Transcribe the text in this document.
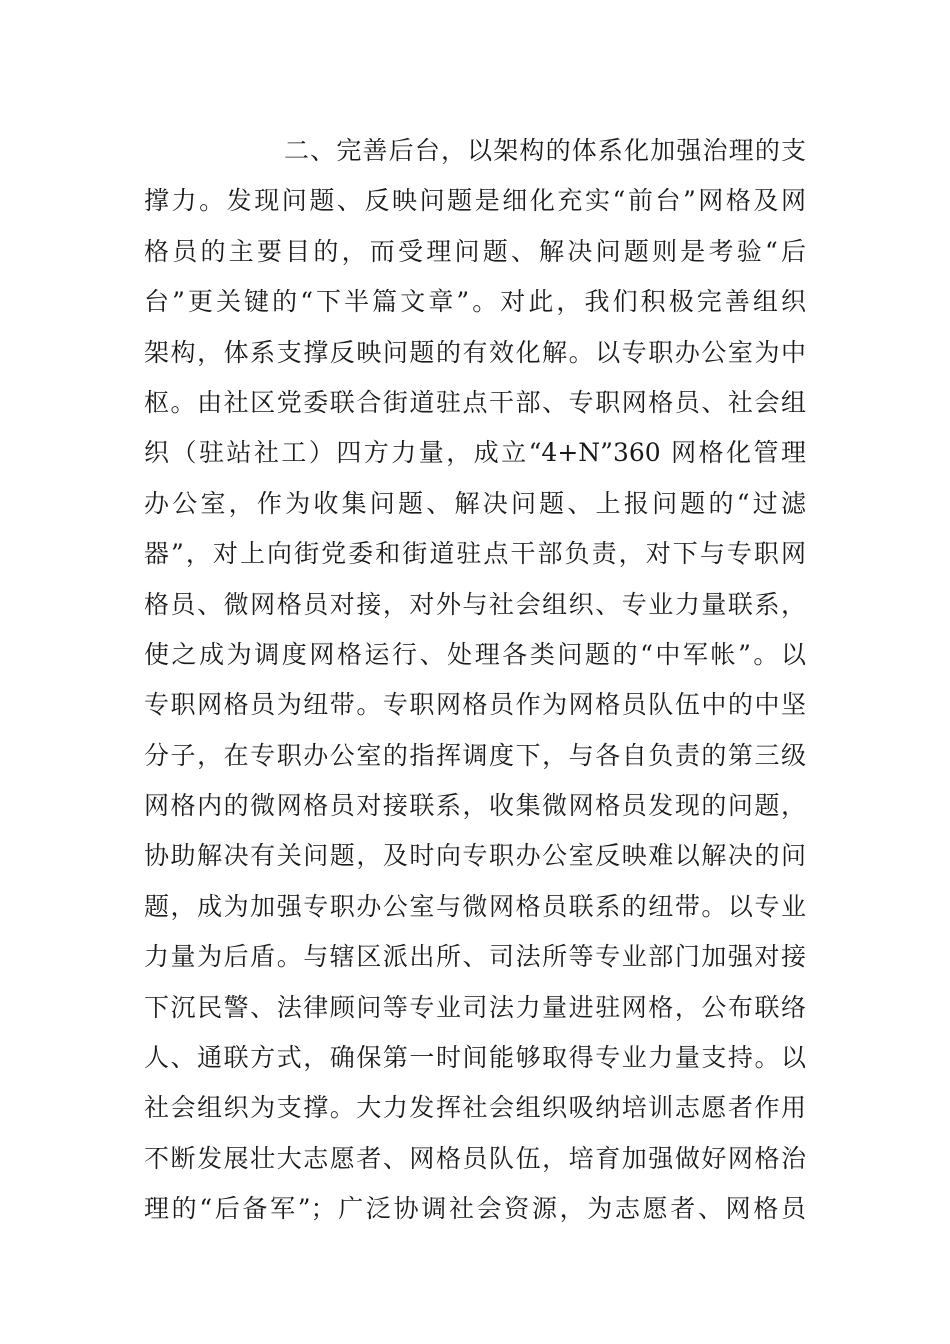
二、完善后台，以架构的体系化加强治理的支
撑力。发现问题、反映问题是细化充实“前台”网格及网
格员的主要目的，而受理问题、解决问题则是考验“后
台”更关键的“下半篇文章”。对此，我们积极完善组织
架构，体系支撑反映问题的有效化解。以专职办公室为中
枢。由社区党委联合街道驻点干部、专职网格员、社会组
织（驻站社工）四方力量，成立“4+N”360 网格化管理
办公室，作为收集问题、解决问题、上报问题的“过滤
器”，对上向街党委和街道驻点干部负责，对下与专职网
格员、微网格员对接，对外与社会组织、专业力量联系，
使之成为调度网格运行、处理各类问题的“中军帐”。以
专职网格员为纽带。专职网格员作为网格员队伍中的中坚
分子，在专职办公室的指挥调度下，与各自负责的第三级
网格内的微网格员对接联系，收集微网格员发现的问题，
协助解决有关问题，及时向专职办公室反映难以解决的问
题，成为加强专职办公室与微网格员联系的纽带。以专业
力量为后盾。与辖区派出所、司法所等专业部门加强对接
下沉民警、法律顾问等专业司法力量进驻网格，公布联络
人、通联方式，确保第一时间能够取得专业力量支持。以
社会组织为支撑。大力发挥社会组织吸纳培训志愿者作用
不断发展壮大志愿者、网格员队伍，培育加强做好网格治
理的“后备军”；广泛协调社会资源，为志愿者、网格员
